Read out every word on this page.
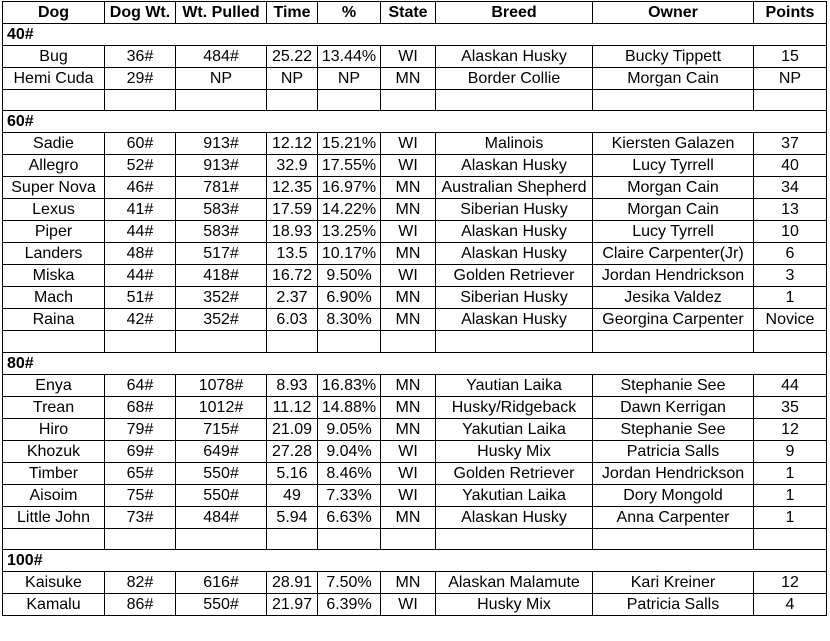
Dog	Dog Wt.	Wt. Pulled	Time	%	State	Breed	Owner	Points
40#								
Bug	36#	484#	25.22	13.44%	WI	Alaskan Husky	Bucky Tippett	15
Hemi Cuda	29#	NP	NP	NP	MN	Border Collie	Morgan Cain	NP

60#								
Sadie	60#	913#	12.12	15.21%	WI	Malinois	Kiersten Galazen	37
Allegro	52#	913#	32.9	17.55%	WI	Alaskan Husky	Lucy Tyrrell	40
Super Nova	46#	781#	12.35	16.97%	MN	Australian Shepherd	Morgan Cain	34
Lexus	41#	583#	17.59	14.22%	MN	Siberian Husky	Morgan Cain	13
Piper	44#	583#	18.93	13.25%	WI	Alaskan Husky	Lucy Tyrrell	10
Landers	48#	517#	13.5	10.17%	MN	Alaskan Husky	Claire Carpenter(Jr)	6
Miska	44#	418#	16.72	9.50%	WI	Golden Retriever	Jordan Hendrickson	3
Mach	51#	352#	2.37	6.90%	MN	Siberian Husky	Jesika Valdez	1
Raina	42#	352#	6.03	8.30%	MN	Alaskan Husky	Georgina Carpenter	Novice

80#								
Enya	64#	1078#	8.93	16.83%	MN	Yautian Laika	Stephanie See	44
Trean	68#	1012#	11.12	14.88%	MN	Husky/Ridgeback	Dawn Kerrigan	35
Hiro	79#	715#	21.09	9.05%	MN	Yakutian Laika	Stephanie See	12
Khozuk	69#	649#	27.28	9.04%	WI	Husky Mix	Patricia Salls	9
Timber	65#	550#	5.16	8.46%	WI	Golden Retriever	Jordan Hendrickson	1
Aisoim	75#	550#	49	7.33%	WI	Yakutian Laika	Dory Mongold	1
Little John	73#	484#	5.94	6.63%	MN	Alaskan Husky	Anna Carpenter	1

100#								
Kaisuke	82#	616#	28.91	7.50%	MN	Alaskan Malamute	Kari Kreiner	12
Kamalu	86#	550#	21.97	6.39%	WI	Husky Mix	Patricia Salls	4
